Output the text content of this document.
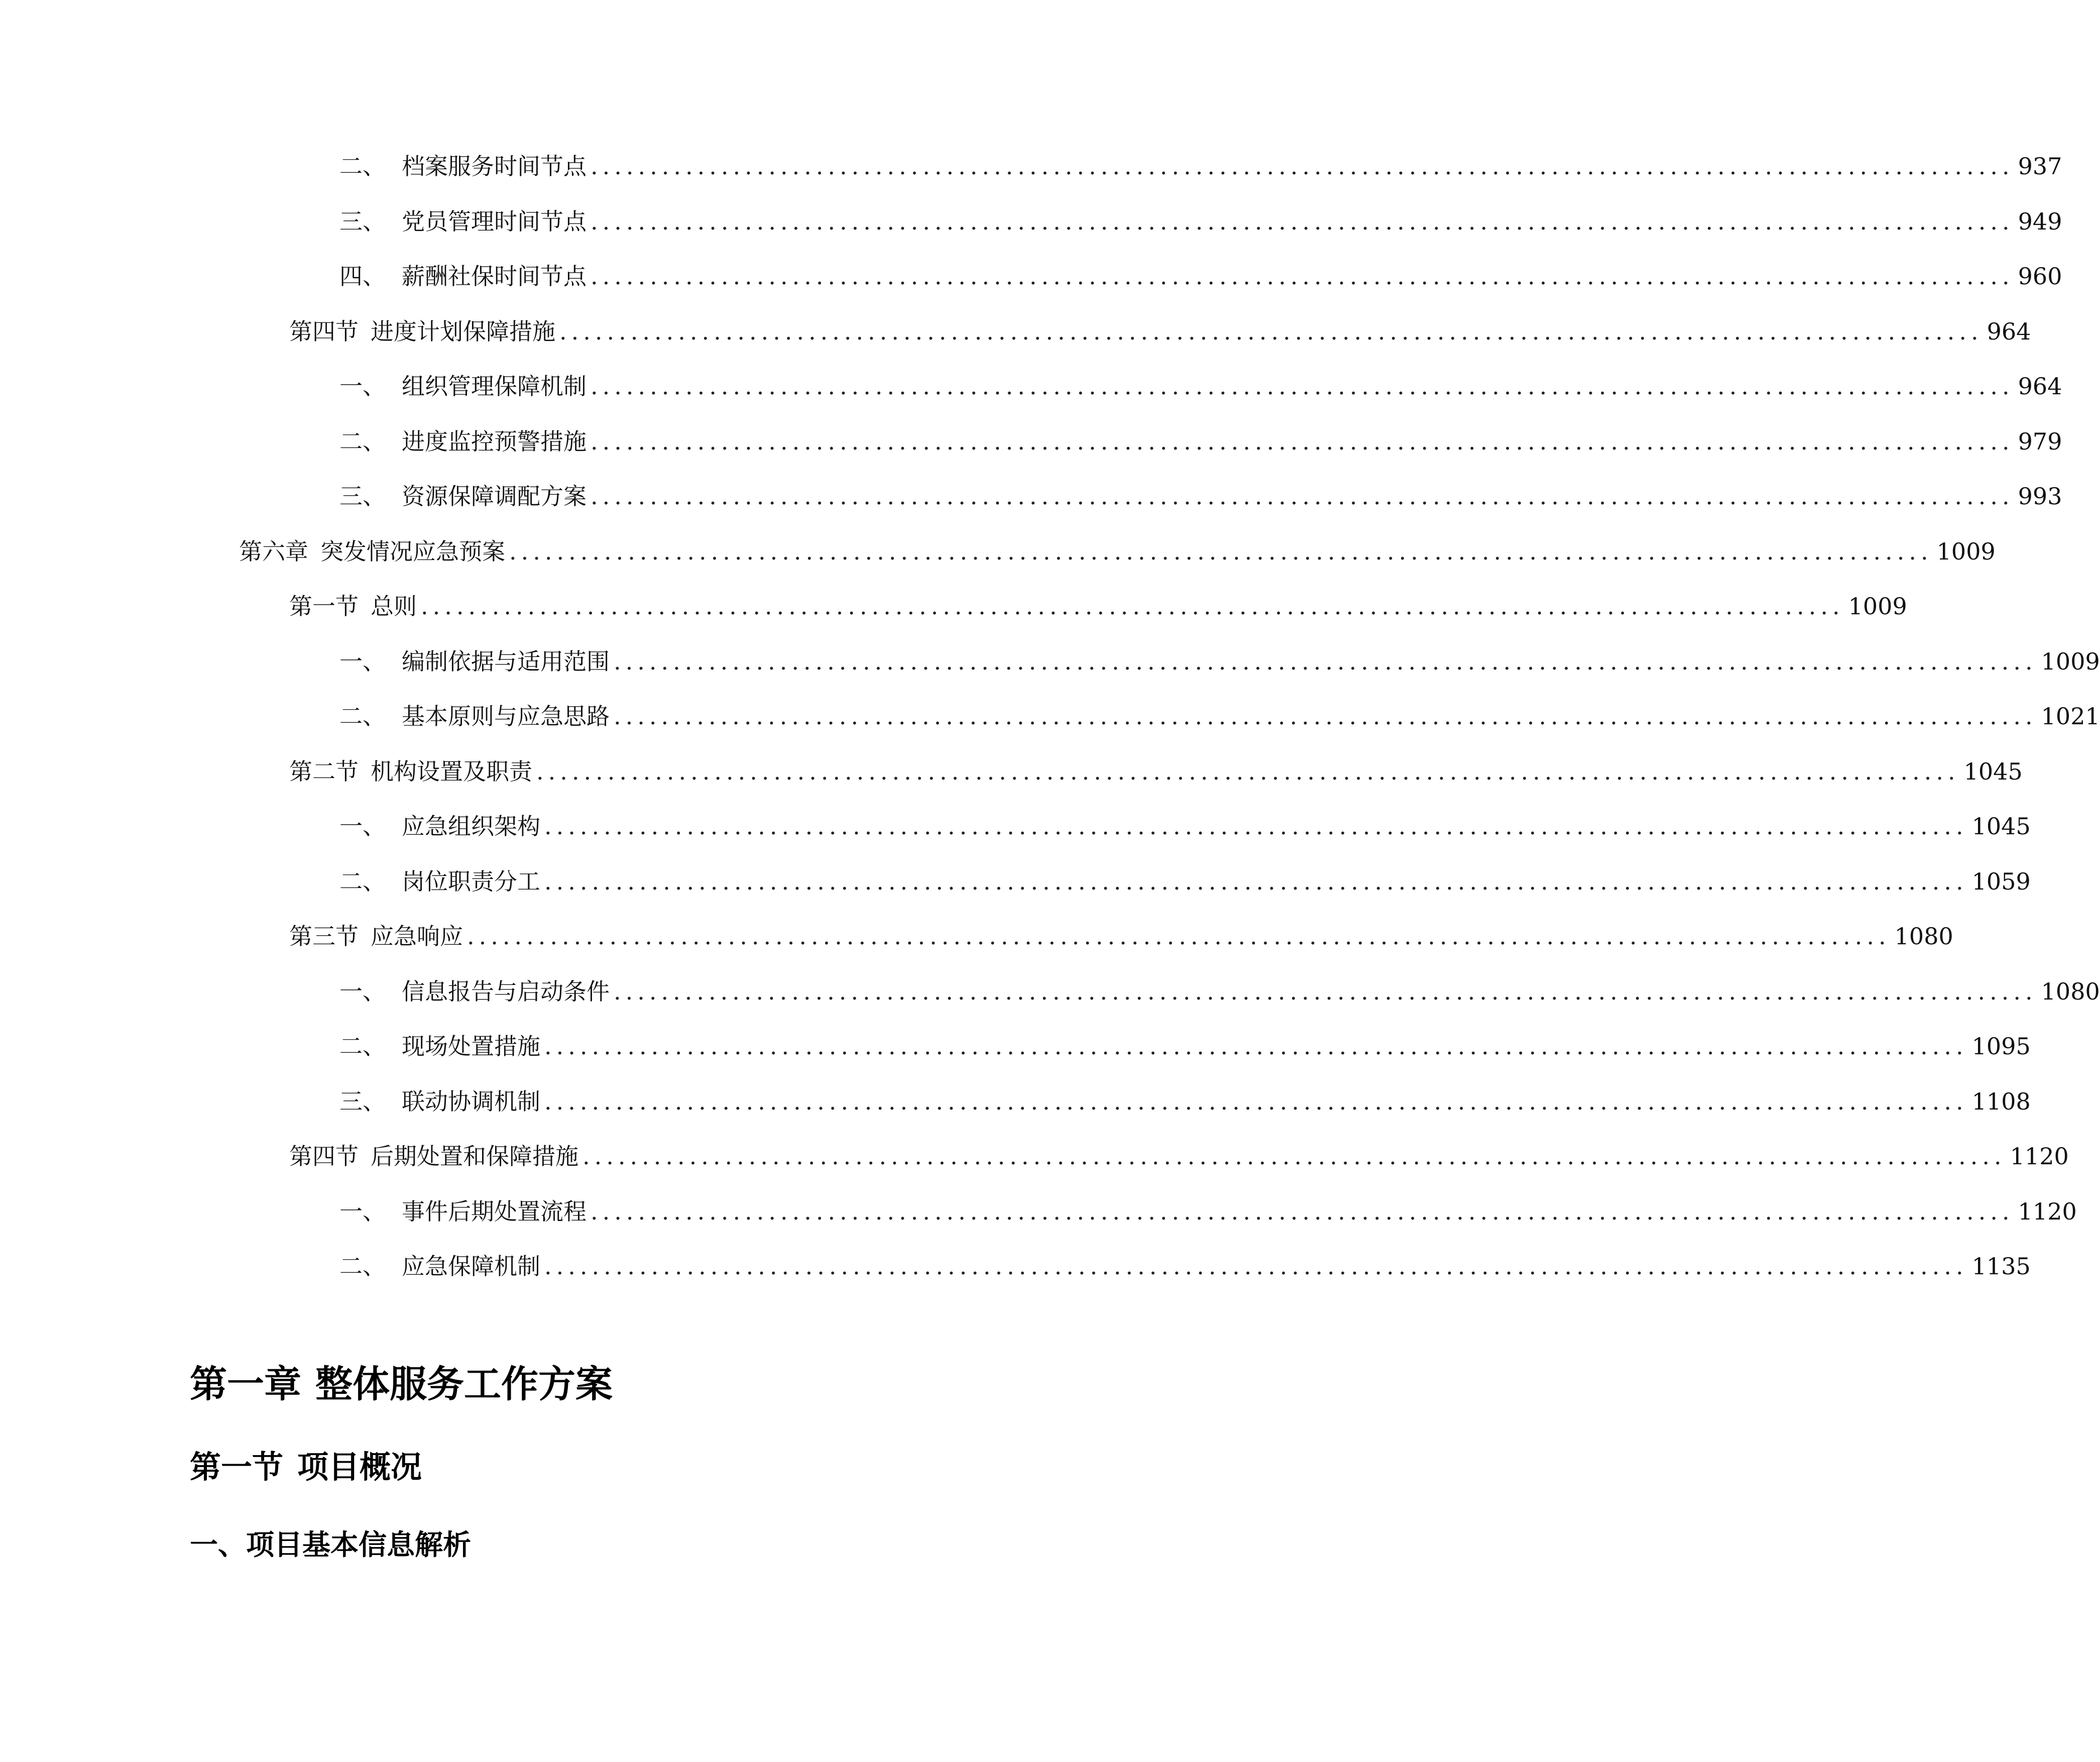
二、 档案服务时间节点 ........................................................................................................................ 937
三、 党员管理时间节点 ........................................................................................................................ 949
四、 薪酬社保时间节点 ........................................................................................................................ 960
第四节 进度计划保障措施 ........................................................................................................................ 964
一、 组织管理保障机制 ........................................................................................................................ 964
二、 进度监控预警措施 ........................................................................................................................ 979
三、 资源保障调配方案 ........................................................................................................................ 993
第六章 突发情况应急预案 ........................................................................................................................ 1009
第一节 总则 ........................................................................................................................ 1009
一、 编制依据与适用范围 ........................................................................................................................ 1009
二、 基本原则与应急思路 ........................................................................................................................ 1021
第二节 机构设置及职责 ........................................................................................................................ 1045
一、 应急组织架构 ........................................................................................................................ 1045
二、 岗位职责分工 ........................................................................................................................ 1059
第三节 应急响应 ........................................................................................................................ 1080
一、 信息报告与启动条件 ........................................................................................................................ 1080
二、 现场处置措施 ........................................................................................................................ 1095
三、 联动协调机制 ........................................................................................................................ 1108
第四节 后期处置和保障措施 ........................................................................................................................ 1120
一、 事件后期处置流程 ........................................................................................................................ 1120
二、 应急保障机制 ........................................................................................................................ 1135
第一章 整体服务工作方案
第一节 项目概况
一、项目基本信息解析
